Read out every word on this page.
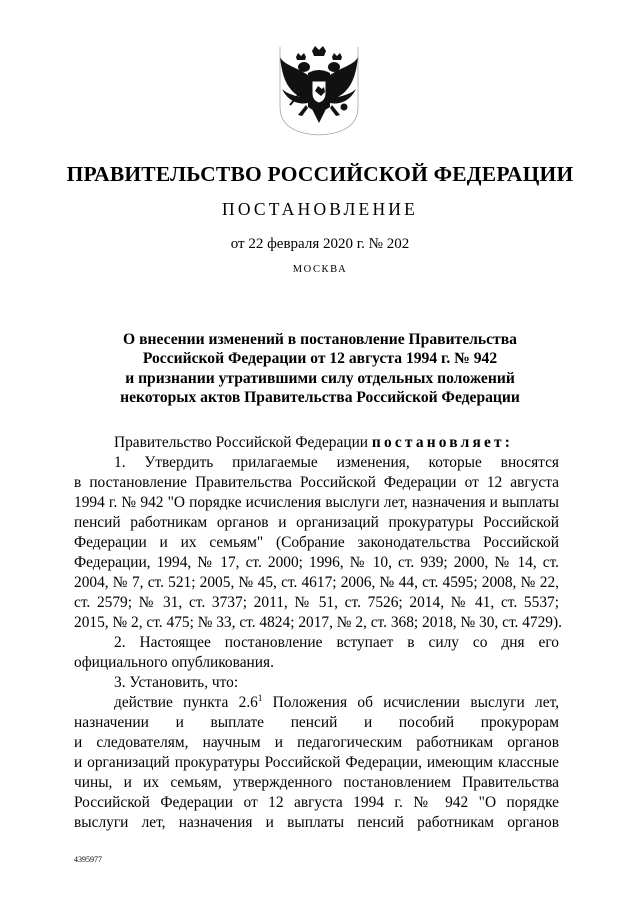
ПРАВИТЕЛЬСТВО РОССИЙСКОЙ ФЕДЕРАЦИИ
ПОСТАНОВЛЕНИЕ
от 22 февраля 2020 г. № 202
МОСКВА
О внесении изменений в постановление Правительства
Российской Федерации от 12 августа 1994 г. № 942
и признании утратившими силу отдельных положений
некоторых актов Правительства Российской Федерации
Правительство Российской Федерации постановляет:
1. Утвердить прилагаемые изменения, которые вносятся
в постановление Правительства Российской Федерации от 12 августа
1994 г. № 942 "О порядке исчисления выслуги лет, назначения и выплаты
пенсий работникам органов и организаций прокуратуры Российской
Федерации и их семьям" (Собрание законодательства Российской
Федерации, 1994, № 17, ст. 2000; 1996, № 10, ст. 939; 2000, № 14, ст.
2004, № 7, ст. 521; 2005, № 45, ст. 4617; 2006, № 44, ст. 4595; 2008, № 22,
ст. 2579; № 31, ст. 3737; 2011, № 51, ст. 7526; 2014, № 41, ст. 5537;
2015, № 2, ст. 475; № 33, ст. 4824; 2017, № 2, ст. 368; 2018, № 30, ст. 4729).
2. Настоящее постановление вступает в силу со дня его
официального опубликования.
3. Установить, что:
действие пункта $2.6^1$ Положения об исчислении выслуги лет,
назначении и выплате пенсий и пособий прокурорам
и следователям, научным и педагогическим работникам органов
и организаций прокуратуры Российской Федерации, имеющим классные
чины, и их семьям, утвержденного постановлением Правительства
Российской Федерации от 12 августа 1994 г. № 942 "О порядке
выслуги лет, назначения и выплаты пенсий работникам органов
4395977
